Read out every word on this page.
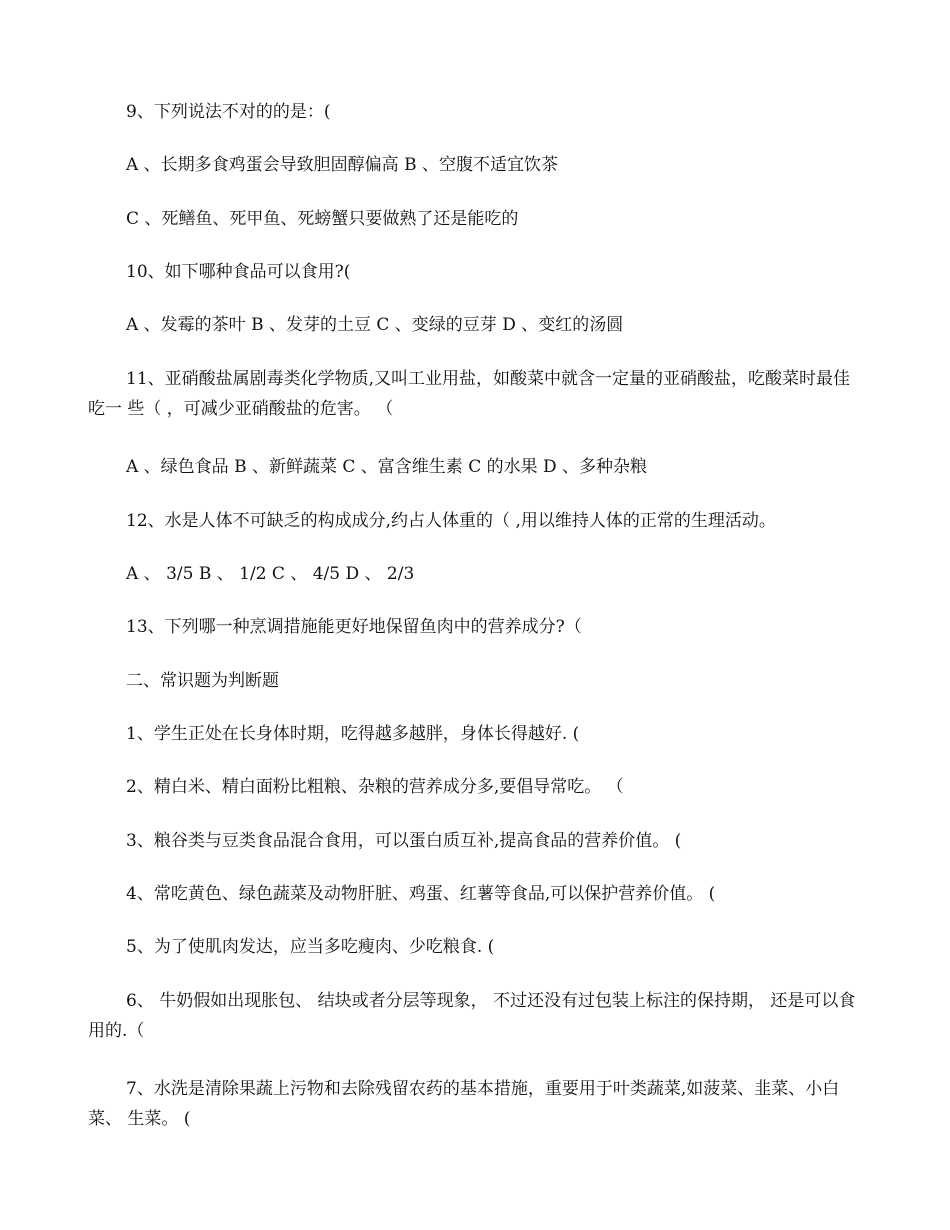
9、下列说法不对的的是：(

A 、长期多食鸡蛋会导致胆固醇偏高 B 、空腹不适宜饮茶

C 、死鳝鱼、死甲鱼、死螃蟹只要做熟了还是能吃的

10、如下哪种食品可以食用?(

A 、发霉的茶叶 B 、发芽的土豆 C 、变绿的豆芽 D 、变红的汤圆

11、亚硝酸盐属剧毒类化学物质,又叫工业用盐，如酸菜中就含一定量的亚硝酸盐，吃酸菜时最佳吃一 些（ ，可减少亚硝酸盐的危害。 （

A 、绿色食品 B 、新鲜蔬菜 C 、富含维生素 C 的水果 D 、多种杂粮

12、水是人体不可缺乏的构成成分,约占人体重的（ ,用以维持人体的正常的生理活动。

A 、 3/5 B 、 1/2 C 、 4/5 D 、 2/3

13、下列哪一种烹调措施能更好地保留鱼肉中的营养成分?（

二、常识题为判断题

1、学生正处在长身体时期，吃得越多越胖，身体长得越好. (

2、精白米、精白面粉比粗粮、杂粮的营养成分多,要倡导常吃。 （

3、粮谷类与豆类食品混合食用，可以蛋白质互补,提高食品的营养价值。 (

4、常吃黄色、绿色蔬菜及动物肝脏、鸡蛋、红薯等食品,可以保护营养价值。 (

5、为了使肌肉发达，应当多吃瘦肉、少吃粮食. (

6、 牛奶假如出现胀包、 结块或者分层等现象， 不过还没有过包装上标注的保持期， 还是可以食用的.（

7、水洗是清除果蔬上污物和去除残留农药的基本措施，重要用于叶类蔬菜,如菠菜、韭菜、小白菜、 生菜。 (
